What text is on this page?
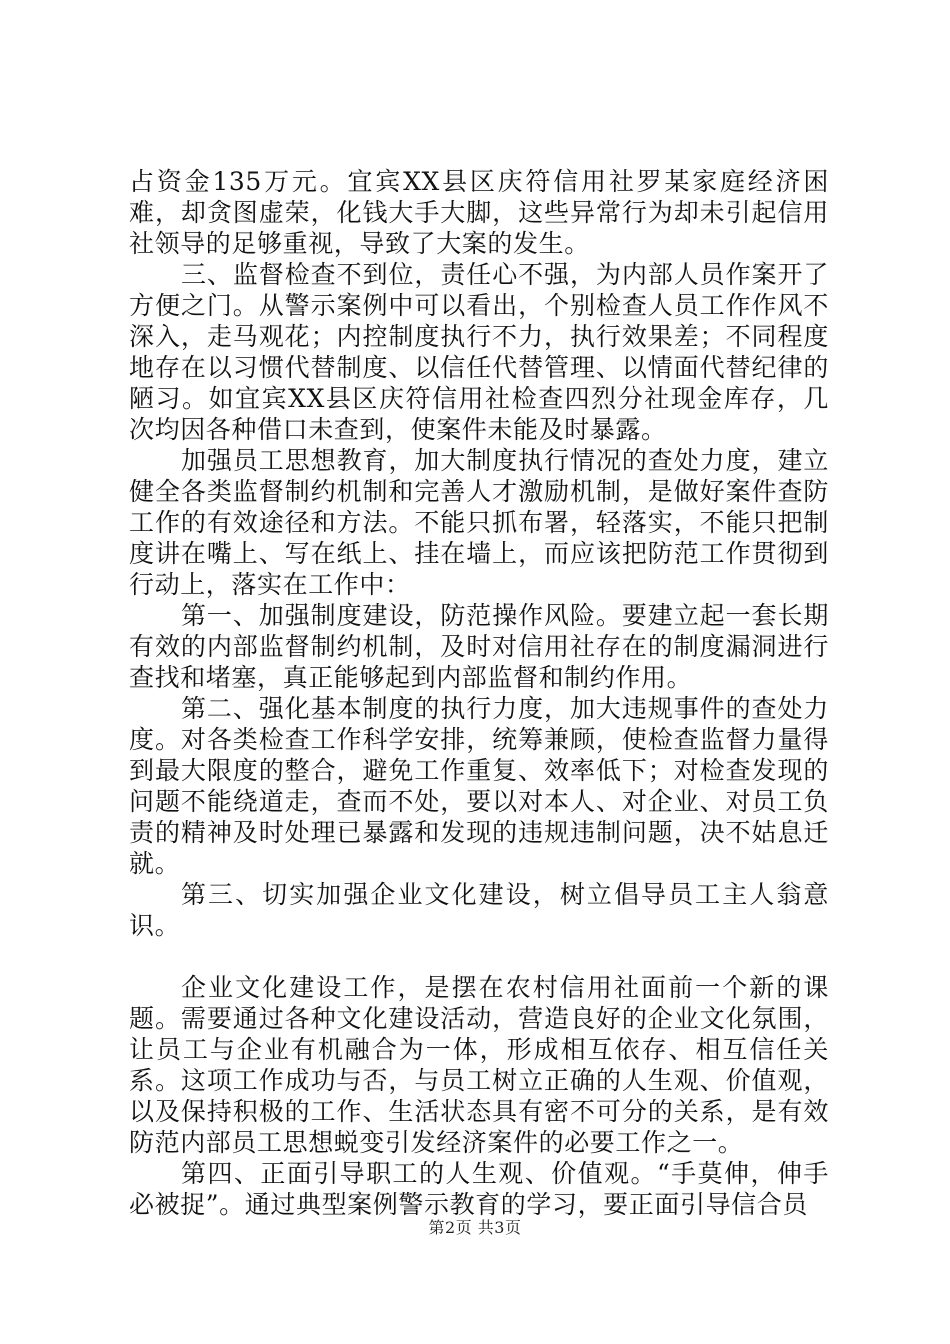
占资金135万元。宜宾XX县区庆符信用社罗某家庭经济困难，却贪图虚荣，化钱大手大脚，这些异常行为却未引起信用社领导的足够重视，导致了大案的发生。

三、监督检查不到位，责任心不强，为内部人员作案开了方便之门。从警示案例中可以看出，个别检查人员工作作风不深入，走马观花；内控制度执行不力，执行效果差；不同程度地存在以习惯代替制度、以信任代替管理、以情面代替纪律的陋习。如宜宾XX县区庆符信用社检查四烈分社现金库存，几次均因各种借口未查到，使案件未能及时暴露。

加强员工思想教育，加大制度执行情况的查处力度，建立健全各类监督制约机制和完善人才激励机制，是做好案件查防工作的有效途径和方法。不能只抓布署，轻落实，不能只把制度讲在嘴上、写在纸上、挂在墙上，而应该把防范工作贯彻到行动上，落实在工作中：

第一、加强制度建设，防范操作风险。要建立起一套长期有效的内部监督制约机制，及时对信用社存在的制度漏洞进行查找和堵塞，真正能够起到内部监督和制约作用。

第二、强化基本制度的执行力度，加大违规事件的查处力度。对各类检查工作科学安排，统筹兼顾，使检查监督力量得到最大限度的整合，避免工作重复、效率低下；对检查发现的问题不能绕道走，查而不处，要以对本人、对企业、对员工负责的精神及时处理已暴露和发现的违规违制问题，决不姑息迁就。

第三、切实加强企业文化建设，树立倡导员工主人翁意识。

企业文化建设工作，是摆在农村信用社面前一个新的课题。需要通过各种文化建设活动，营造良好的企业文化氛围，让员工与企业有机融合为一体，形成相互依存、相互信任关系。这项工作成功与否，与员工树立正确的人生观、价值观，以及保持积极的工作、生活状态具有密不可分的关系，是有效防范内部员工思想蜕变引发经济案件的必要工作之一。

第四、正面引导职工的人生观、价值观。“手莫伸，伸手必被捉”。通过典型案例警示教育的学习，要正面引导信合员

第2页 共3页
